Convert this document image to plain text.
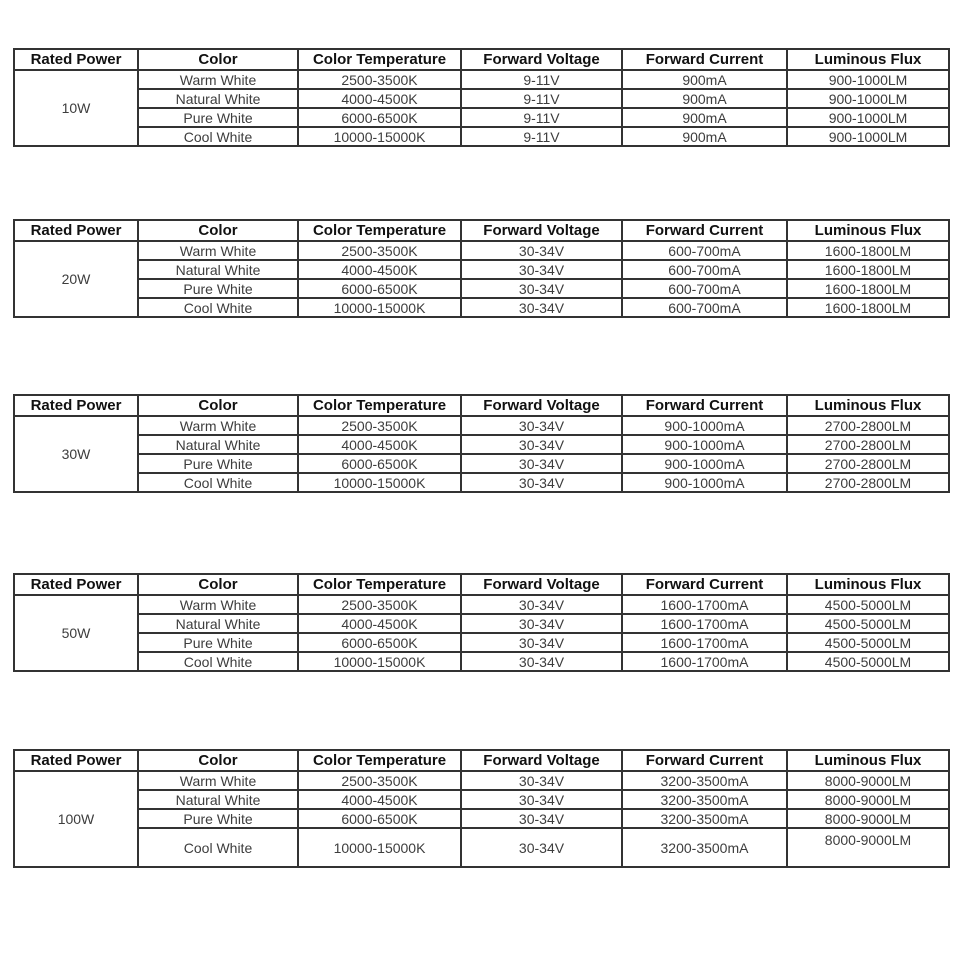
Rated Power	Color	Color Temperature	Forward Voltage	Forward Current	Luminous Flux
10W	Warm White	2500-3500K	9-11V	900mA	900-1000LM
	Natural White	4000-4500K	9-11V	900mA	900-1000LM
	Pure White	6000-6500K	9-11V	900mA	900-1000LM
	Cool White	10000-15000K	9-11V	900mA	900-1000LM
Rated Power	Color	Color Temperature	Forward Voltage	Forward Current	Luminous Flux
20W	Warm White	2500-3500K	30-34V	600-700mA	1600-1800LM
	Natural White	4000-4500K	30-34V	600-700mA	1600-1800LM
	Pure White	6000-6500K	30-34V	600-700mA	1600-1800LM
	Cool White	10000-15000K	30-34V	600-700mA	1600-1800LM
Rated Power	Color	Color Temperature	Forward Voltage	Forward Current	Luminous Flux
30W	Warm White	2500-3500K	30-34V	900-1000mA	2700-2800LM
	Natural White	4000-4500K	30-34V	900-1000mA	2700-2800LM
	Pure White	6000-6500K	30-34V	900-1000mA	2700-2800LM
	Cool White	10000-15000K	30-34V	900-1000mA	2700-2800LM
Rated Power	Color	Color Temperature	Forward Voltage	Forward Current	Luminous Flux
50W	Warm White	2500-3500K	30-34V	1600-1700mA	4500-5000LM
	Natural White	4000-4500K	30-34V	1600-1700mA	4500-5000LM
	Pure White	6000-6500K	30-34V	1600-1700mA	4500-5000LM
	Cool White	10000-15000K	30-34V	1600-1700mA	4500-5000LM
Rated Power	Color	Color Temperature	Forward Voltage	Forward Current	Luminous Flux
100W	Warm White	2500-3500K	30-34V	3200-3500mA	8000-9000LM
	Natural White	4000-4500K	30-34V	3200-3500mA	8000-9000LM
	Pure White	6000-6500K	30-34V	3200-3500mA	8000-9000LM
	Cool White	10000-15000K	30-34V	3200-3500mA	8000-9000LM
